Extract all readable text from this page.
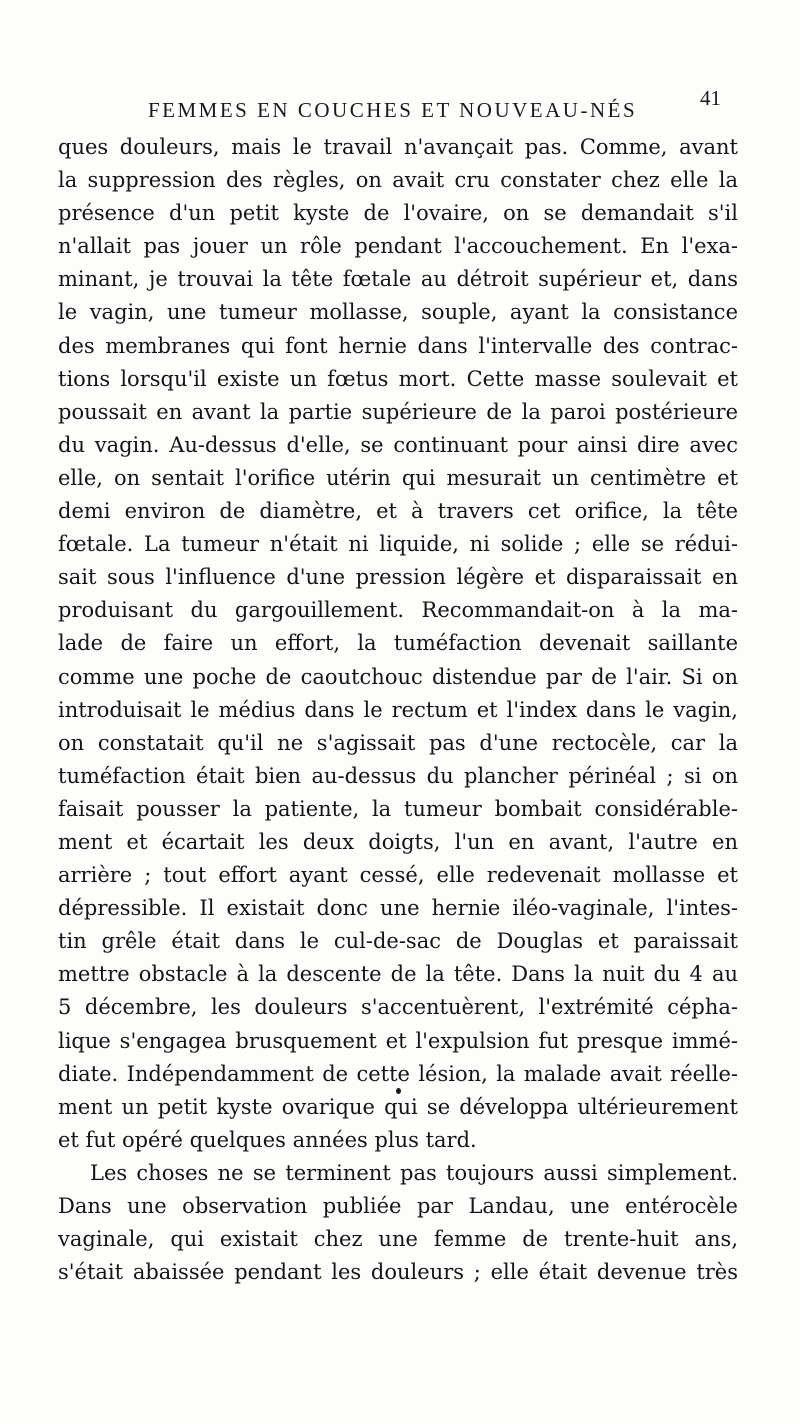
FEMMES EN COUCHES ET NOUVEAU-NÉS	41
ques douleurs, mais le travail n'avançait pas. Comme, avant
la suppression des règles, on avait cru constater chez elle la
présence d'un petit kyste de l'ovaire, on se demandait s'il
n'allait pas jouer un rôle pendant l'accouchement. En l'exa-
minant, je trouvai la tête fœtale au détroit supérieur et, dans
le vagin, une tumeur mollasse, souple, ayant la consistance
des membranes qui font hernie dans l'intervalle des contrac-
tions lorsqu'il existe un fœtus mort. Cette masse soulevait et
poussait en avant la partie supérieure de la paroi postérieure
du vagin. Au-dessus d'elle, se continuant pour ainsi dire avec
elle, on sentait l'orifice utérin qui mesurait un centimètre et
demi environ de diamètre, et à travers cet orifice, la tête
fœtale. La tumeur n'était ni liquide, ni solide ; elle se rédui-
sait sous l'influence d'une pression légère et disparaissait en
produisant du gargouillement. Recommandait-on à la ma-
lade de faire un effort, la tuméfaction devenait saillante
comme une poche de caoutchouc distendue par de l'air. Si on
introduisait le médius dans le rectum et l'index dans le vagin,
on constatait qu'il ne s'agissait pas d'une rectocèle, car la
tuméfaction était bien au-dessus du plancher périnéal ; si on
faisait pousser la patiente, la tumeur bombait considérable-
ment et écartait les deux doigts, l'un en avant, l'autre en
arrière ; tout effort ayant cessé, elle redevenait mollasse et
dépressible. Il existait donc une hernie iléo-vaginale, l'intes-
tin grêle était dans le cul-de-sac de Douglas et paraissait
mettre obstacle à la descente de la tête. Dans la nuit du 4 au
5 décembre, les douleurs s'accentuèrent, l'extrémité cépha-
lique s'engagea brusquement et l'expulsion fut presque immé-
diate. Indépendamment de cette lésion, la malade avait réelle-
ment un petit kyste ovarique qui se développa ultérieurement
et fut opéré quelques années plus tard.
Les choses ne se terminent pas toujours aussi simplement.
Dans une observation publiée par Landau, une entérocèle
vaginale, qui existait chez une femme de trente-huit ans,
s'était abaissée pendant les douleurs ; elle était devenue très
